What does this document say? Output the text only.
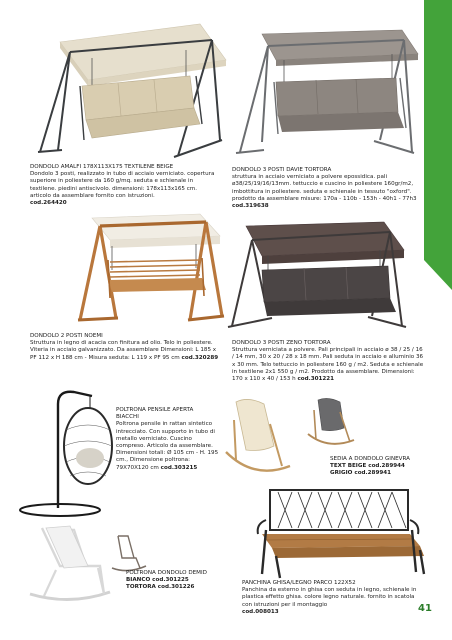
DONDOLO AMALFI 178X113X175 TEXTILENE BEIGE
Dondolo 3 posti, realizzato in tubo di acciaio verniciato. copertura superiore in poliestere da 160 g/mq. seduta e schienale in textilene. piedini antiscivolo. dimensioni: 178x113x165 cm. articolo da assemblare fornito con istruzioni.
cod.264420
DONDOLO 3 POSTI DAVIE TORTORA
struttura in acciaio verniciato a polvere epossidica. pali ø38/25/19/16/13mm. tettuccio e cuscino in poliestere 160gr/m2, imbottitura in poliestere. seduta e schienale in tessuto "oxford". prodotto da assemblare misure: 170a - 110b - 153h - 40h1 - 77h3
cod.319638
DONDOLO 2 POSTI NOEMI
Struttura in legno di acacia con finitura ad olio. Telo in poliestere. Viteria in acciaio galvanizzato. Da assemblare Dimensioni: L 185 x PF 112 x H 188 cm - Misura seduta: L 119 x PF 95 cm cod.320289
DONDOLO 3 POSTI ZENO TORTORA
Struttura verniciata a polvere. Pali principali in acciaio ø 38 / 25 / 16 / 14 mm, 30 x 20 / 28 x 18 mm. Pali seduta in acciaio e alluminio 36 x 30 mm. Telo tettuccio in poliestere 160 g / m2. Seduta e schienale in textilene 2x1 550 g / m2. Prodotto da assemblare. Dimensioni: 170 x 110 x 40 / 153 h cod.301221
POLTRONA PENSILE APERTA
BIACCHI
Poltrona pensile in rattan sintetico intrecciato. Con supporto in tubo di metallo verniciato. Cuscino compreso. Articolo da assemblare. Dimensioni totali: Ø 105 cm - H. 195 cm., Dimensione poltrona: 79X70X120 cm cod.303215
SEDIA A DONDOLO GINEVRA
TEXT BEIGE cod.289944
GRIGIO cod.289941
POLTRONA DONDOLO DEMID
BIANCO cod.301225
TORTORA cod.301226
PANCHINA GHISA/LEGNO PARCO 122X52
Panchina da esterno in ghisa con seduta in legno, schienale in plastica effetto ghisa. colore legno naturale. fornito in scatola con istruzioni per il montaggio
cod.008013	41
